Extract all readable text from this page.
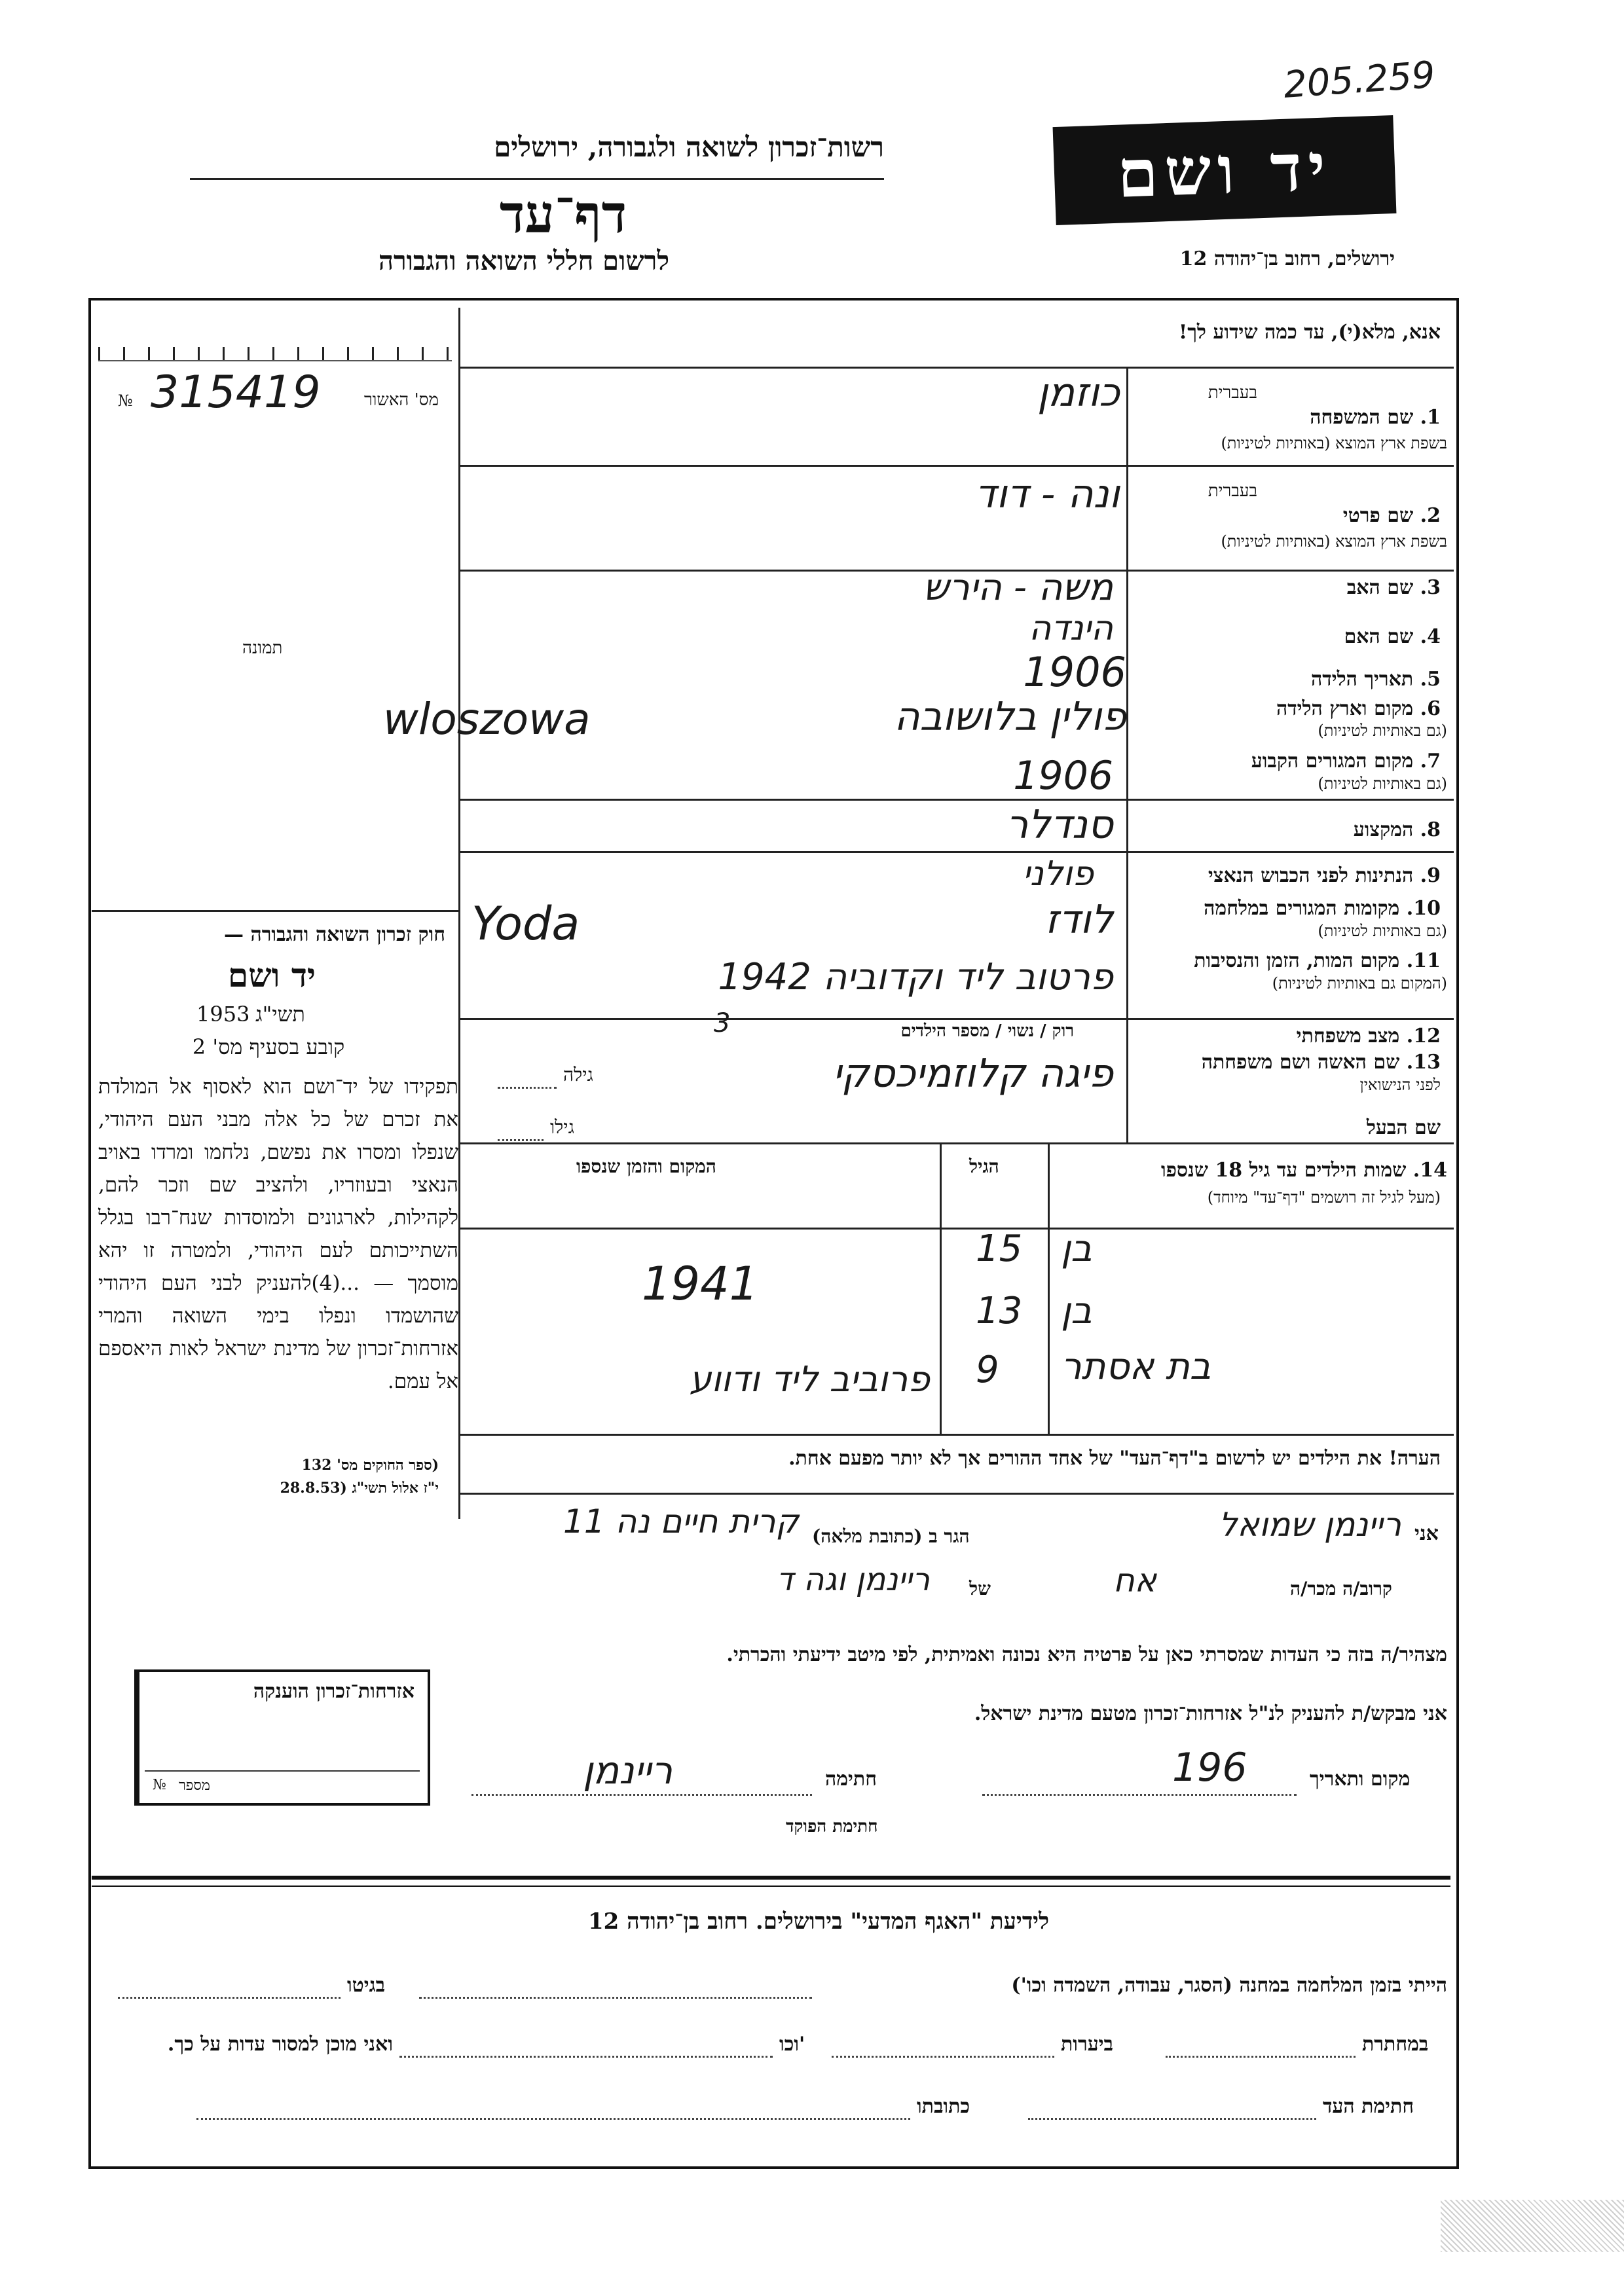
205.259
יד ושם
רשות־זכרון לשואה ולגבורה, ירושלים
דף־עד
לרשום חללי השואה והגבורה	ירושלים, רחוב בן־יהודה 12
אנא, מלא(י), עד כמה שידוע לך!
№ 315419	מס' האשור
תמונה
חוק זכרון השואה והגבורה —
יד ושם
תשי"ג
1953
קובע בסעיף מס' 2
תפקידו של יד־ושם הוא לאסוף אל המולדת את זכרם של כל אלה מבני העם היהודי, שנפלו ומסרו את נפשם, נלחמו ומרדו באויב הנאצי ובעוזריו, ולהציב שם וזכר להם, לקהילות, לארגונים ולמוסדות שנח־רבו בגלל השתייכותם לעם היהודי, ולמטרה זו יהא מוסמך — ...(4)להעניק לבני העם היהודי שהושמדו ונפלו בימי השואה והמרי אזרחות־זכרון של מדינת ישראל לאות היאספם אל עמם.
(ספר החוקים מס' 132
י"ז אלול תשי"ג (28.8.53
בעברית
1. שם המשפחה
בשפת ארץ המוצא (באותיות לטיניות)
בעברית
2. שם פרטי
בשפת ארץ המוצא (באותיות לטיניות)
3. שם האב
4. שם האם
5. תאריך הלידה
6. מקום וארץ הלידה
(גם באותיות לטיניות)
7. מקום המגורים הקבוע
(גם באותיות לטיניות)
8. המקצוע
9. הנתינות לפני הכבוש הנאצי
10. מקומות המגורים במלחמה
(גם באותיות לטיניות)
11. מקום המות, הזמן והנסיבות
(המקום גם באותיות לטיניות)
12. מצב משפחתי
13. שם האשה ושם משפחתה
לפני הנישואין
שם הבעל
כוזמן
ונה - דוד
משה - הירש
הינדה
1906
פולין בלושובה
wloszowa
1906
סנדלר
פולני
לודז
Yoda
פרטוב ליד וקדוביה 1942
רוק / נשוי / מספר הילדים
3
פיגה קלוזמיכסקי
גילה
גילו
14. שמות הילדים עד גיל 18 שנספו
(מעל לגיל זה רושמים "דף־עד" מיוחד)
הגיל
המקום והזמן שנספו
בן
15
בן
13
1941
בת אסתר
9
פרוביב ליד ודווע
הערה! את הילדים יש לרשום ב"דף־העד" של אחד ההורים אך לא יותר מפעם אחת.
אני
ריינמן שמואל
הגר ב (כתובת מלאה)
קרית חיים נה 11
קרוב/ה מכר/ה
אח
של
ריינמן וגה ד
מצהיר/ה בזה כי העדות שמסרתי כאן על פרטיה היא נכונה ואמיתית, לפי מיטב ידיעתי והכרתי.
אני מבקש/ת להעניק לנ"ל אזרחות־זכרון מטעם מדינת ישראל.
מקום ותאריך
196
חתימה
ריינמן
חתימת הפוקד
אזרחות־זכרון הוענקה
מספר
№
לידיעת "האגף המדעי" בירושלים. רחוב בן־יהודה 12
הייתי בזמן המלחמה במחנה (הסגר, עבודה, השמדה וכו')
בגיטו
במחתרת
ביערות
וכו'
ואני מוכן למסור עדות על כך.
חתימת העד
כתובתו
